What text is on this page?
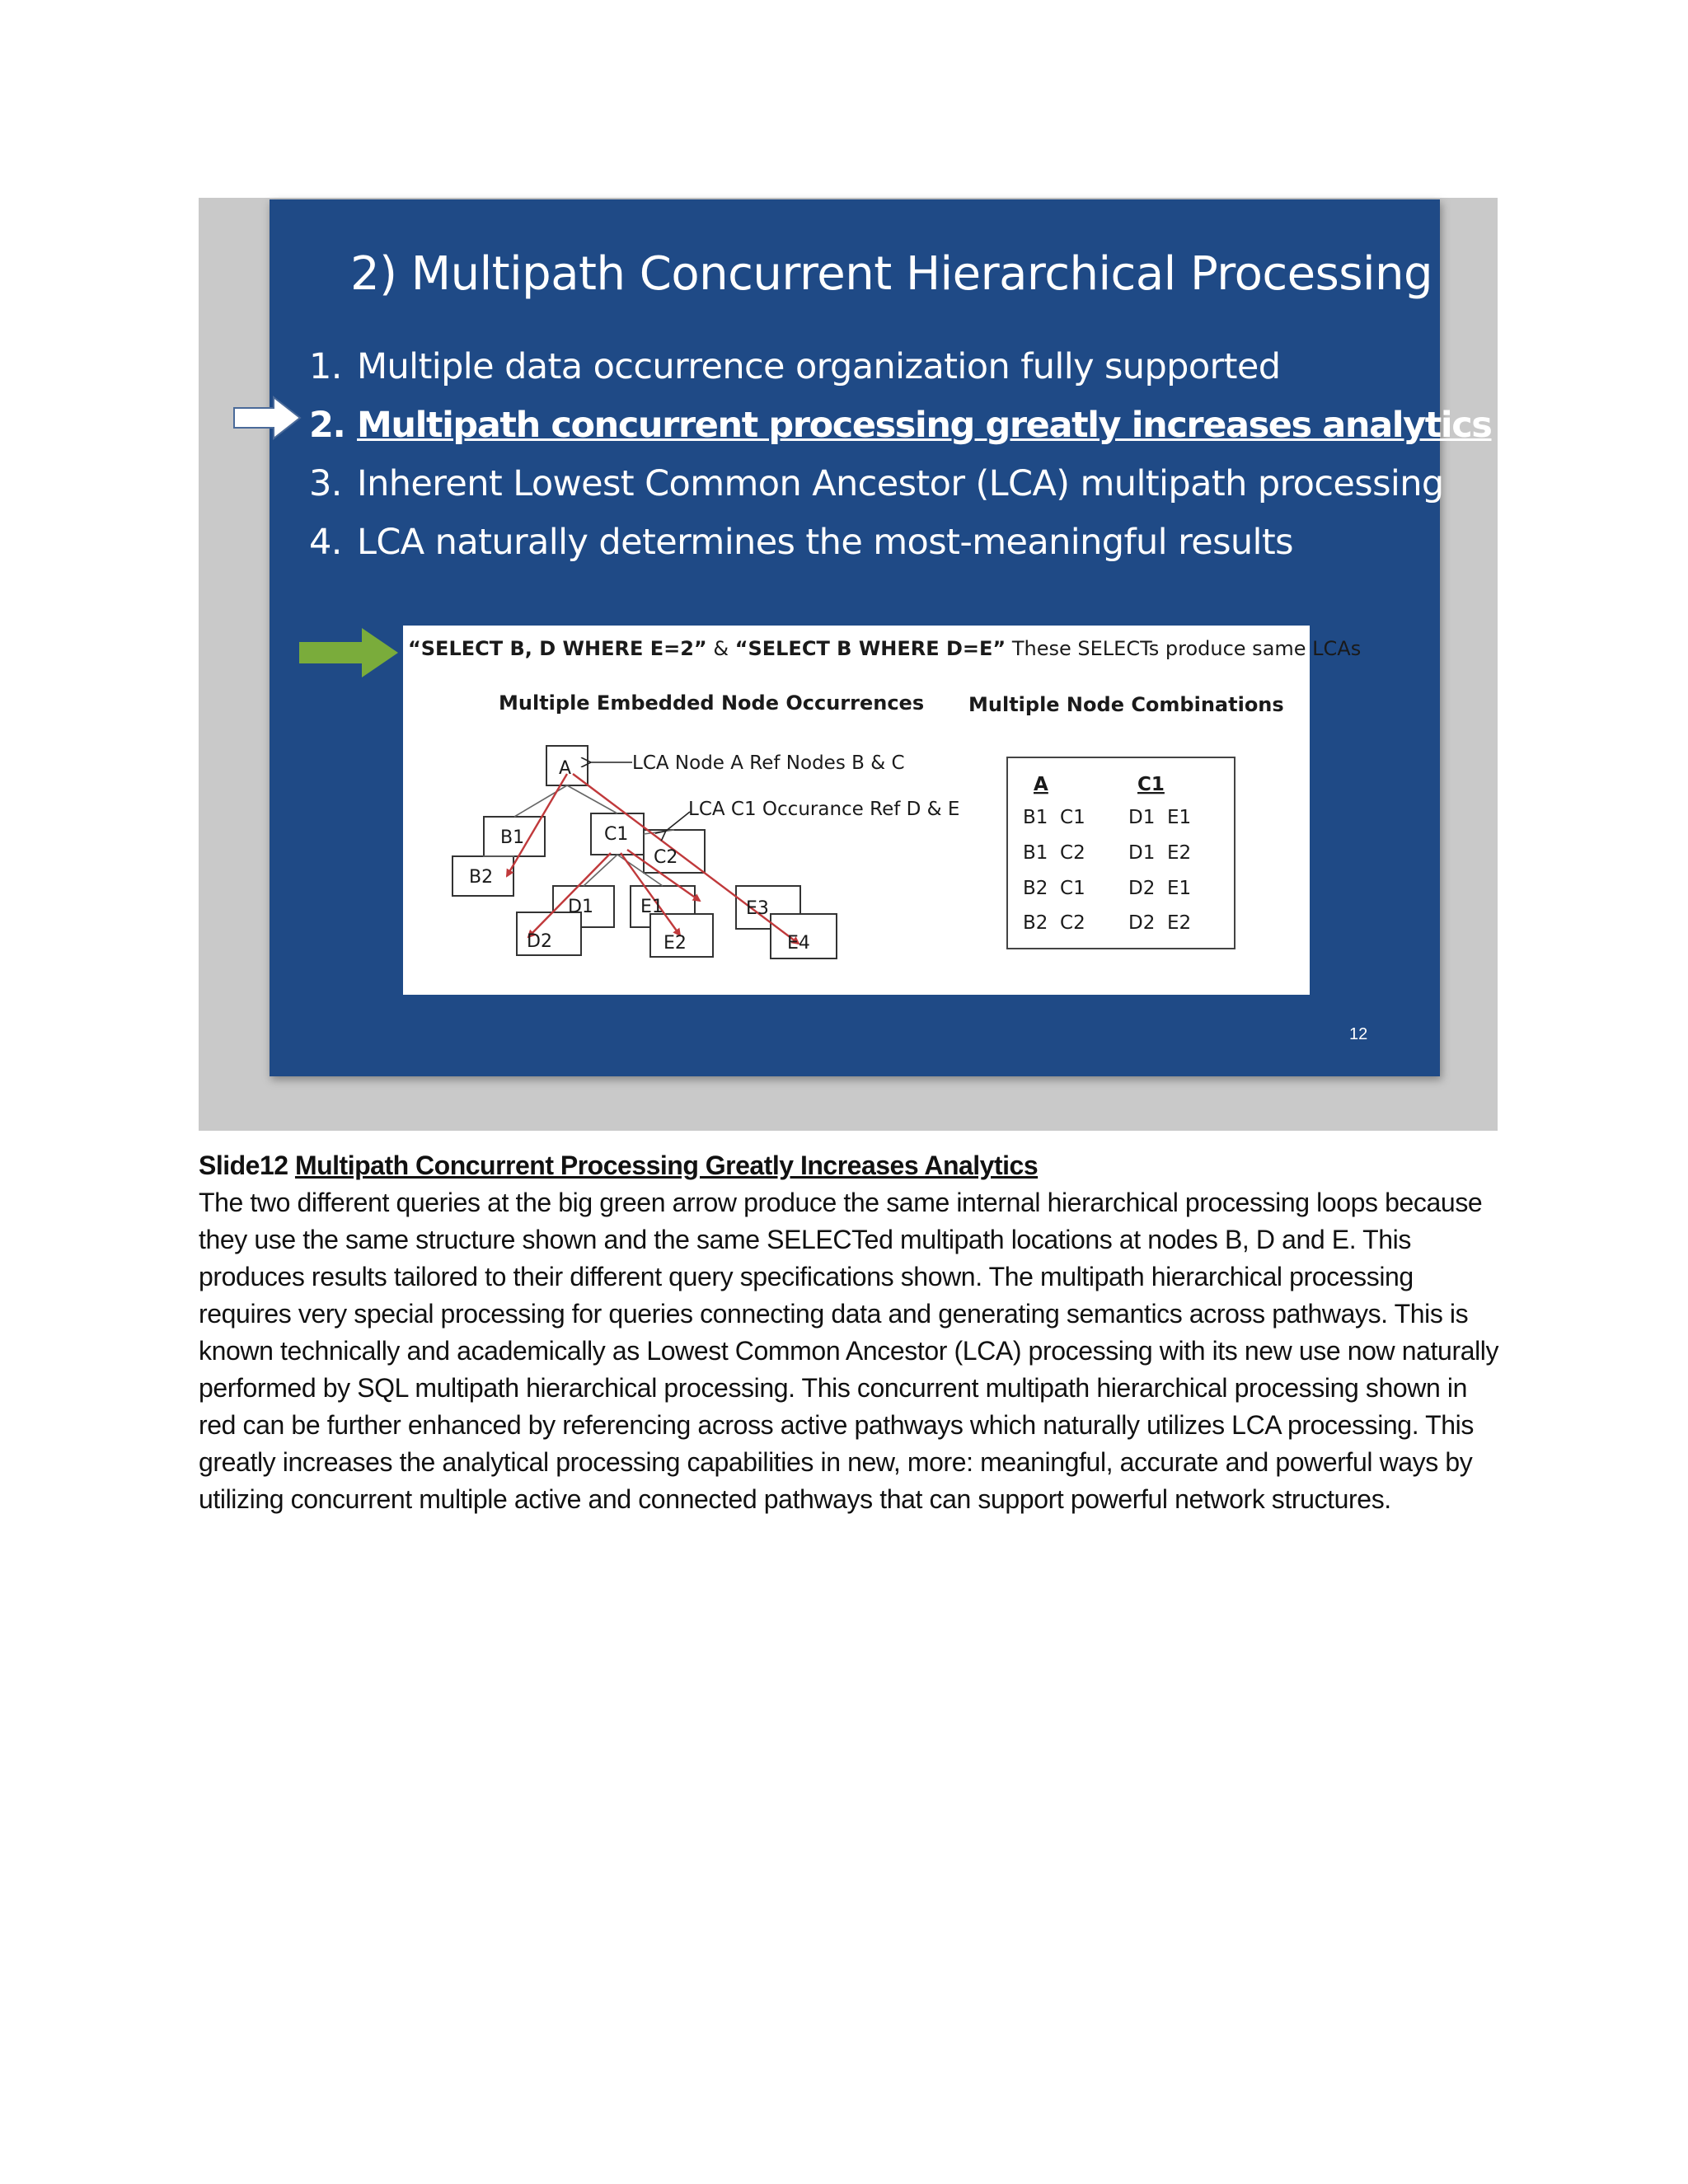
2) Multipath Concurrent Hierarchical Processing
1. Multiple data occurrence organization fully supported
2. Multipath concurrent processing greatly increases analytics
3. Inherent Lowest Common Ancestor (LCA) multipath processing
4. LCA naturally determines the most-meaningful results
“SELECT B, D WHERE E=2” & “SELECT B WHERE D=E” These SELECTs produce same LCAs
Multiple Embedded Node Occurrences Multiple Node Combinations
A
B1
B2
C1
C2
D1
D2
E1
E2
E3
E4
LCA Node A Ref Nodes B & C
LCA C1 Occurance Ref D & E
A	C1
B1  C1 D1  E1
B1  C2 D1  E2
B2  C1 D2  E1
B2  C2 D2  E2
12

Slide12 Multipath Concurrent Processing Greatly Increases Analytics

The two different queries at the big green arrow produce the same internal hierarchical processing loops because they use the same structure shown and the same SELECTed multipath locations at nodes B, D and E. This produces results tailored to their different query specifications shown. The multipath hierarchical processing requires very special processing for queries connecting data and generating semantics across pathways. This is known technically and academically as Lowest Common Ancestor (LCA) processing with its new use now naturally performed by SQL multipath hierarchical processing. This concurrent multipath hierarchical processing shown in red can be further enhanced by referencing across active pathways which naturally utilizes LCA processing. This greatly increases the analytical processing capabilities in new, more: meaningful, accurate and powerful ways by utilizing concurrent multiple active and connected pathways that can support powerful network structures.
